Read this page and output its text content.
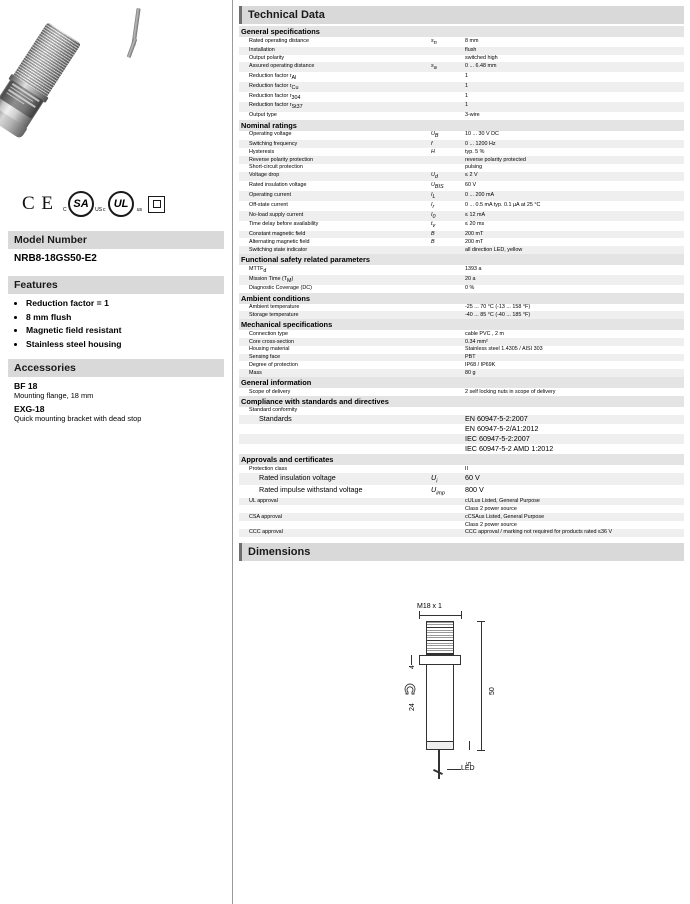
C E C SA US c UL us
Model Number
NRB8-18GS50-E2
Features
• Reduction factor = 1
• 8 mm flush
• Magnetic field resistant
• Stainless steel housing
Accessories
BF 18
Mounting flange, 18 mm
EXG-18
Quick mounting bracket with dead stop
Technical Data
General specifications		
Rated operating distance	sn	8 mm
Installation		flush
Output polarity		switched high
Assured operating distance	sa	0 ... 6.48 mm
Reduction factor rAl		1
Reduction factor rCu		1
Reduction factor r304		1
Reduction factor rSt37		1
Output type		3-wire
Nominal ratings		
Operating voltage	UB	10 ... 30 V DC
Switching frequency	f	0 ... 1200 Hz
Hysteresis	H	typ. 5 %
Reverse polarity protection		reverse polarity protected
Short-circuit protection		pulsing
Voltage drop	Ud	≤ 2 V
Rated insulation voltage	UBIS	60 V
Operating current	IL	0 ... 200 mA
Off-state current	Ir	0 ... 0.5 mA typ. 0.1 µA at 25 °C
No-load supply current	I0	≤ 12 mA
Time delay before availability	tv	≤ 20 ms
Constant magnetic field	B	200 mT
Alternating magnetic field	B	200 mT
Switching state indicator		all direction LED, yellow
Functional safety related parameters		
MTTFd		1393 a
Mission Time (TM)		20 a
Diagnostic Coverage (DC)		0 %
Ambient conditions		
Ambient temperature		-25 ... 70 °C (-13 ... 158 °F)
Storage temperature		-40 ... 85 °C (-40 ... 185 °F)
Mechanical specifications		
Connection type		cable PVC , 2 m
Core cross-section		0.34 mm²
Housing material		Stainless steel 1.4305 / AISI 303
Sensing face		PBT
Degree of protection		IP68 / IP69K
Mass		80 g
General information		
Scope of delivery		2 self locking nuts in scope of delivery
Compliance with standards and directives		
Standard conformity		
Standards		EN 60947-5-2:2007
		EN 60947-5-2/A1:2012
		IEC 60947-5-2:2007
		IEC 60947-5-2 AMD 1:2012
Approvals and certificates		
Protection class		II
Rated insulation voltage	$U_i$	60 V
Rated impulse withstand voltage	$U_{imp}$	800 V
UL approval		cULus Listed, General Purpose
		Class 2 power source
CSA approval		cCSAus Listed, General Purpose
		Class 2 power source
CCC approval		CCC approval / marking not required for products rated ≤36 V
Dimensions
M18 x 1
4
50
5
24
LED
